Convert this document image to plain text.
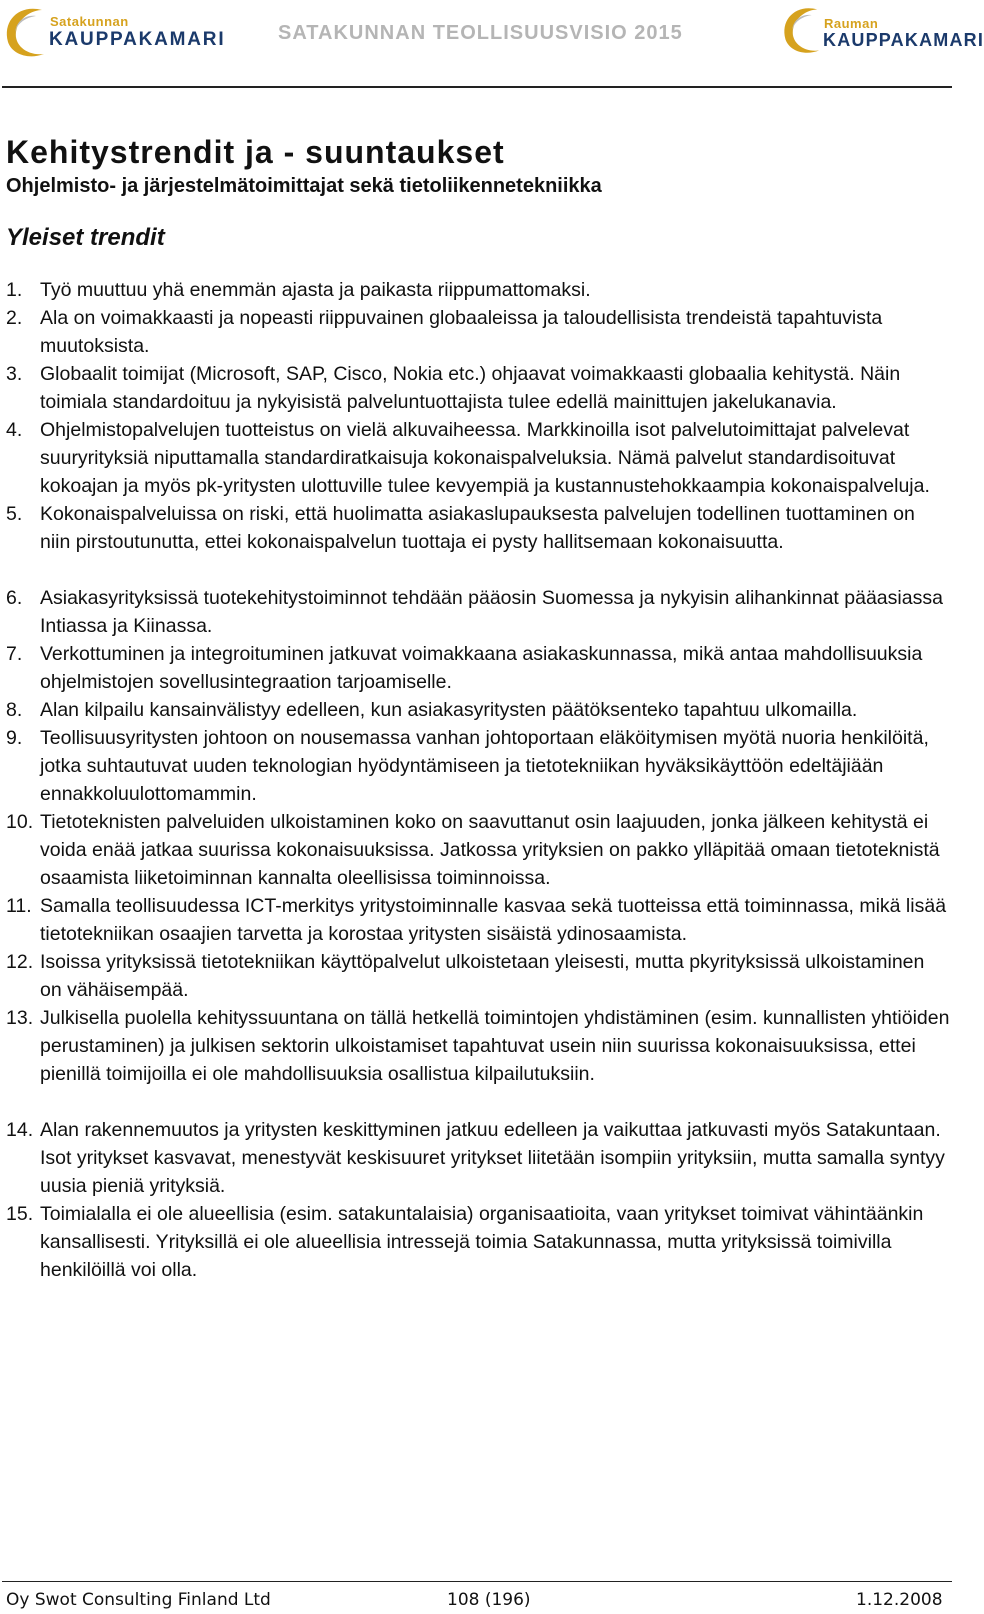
Satakunnan
KAUPPAKAMARI	SATAKUNNAN TEOLLISUUSVISIO 2015	Rauman
KAUPPAKAMARI
Kehitystrendit ja - suuntaukset
Ohjelmisto- ja järjestelmätoimittajat sekä tietoliikennetekniikka
Yleiset trendit
1. Työ muuttuu yhä enemmän ajasta ja paikasta riippumattomaksi.
2. Ala on voimakkaasti ja nopeasti riippuvainen globaaleissa ja taloudellisista trendeistä tapahtuvista muutoksista.
3. Globaalit toimijat (Microsoft, SAP, Cisco, Nokia etc.) ohjaavat voimakkaasti globaalia kehitystä. Näin toimiala standardoituu ja nykyisistä palveluntuottajista tulee edellä mainittujen jakelukanavia.
4. Ohjelmistopalvelujen tuotteistus on vielä alkuvaiheessa. Markkinoilla isot palvelutoimittajat palvelevat suuryrityksiä niputtamalla standardiratkaisuja kokonaispalveluksia. Nämä palvelut standardisoituvat kokoajan ja myös pk-yritysten ulottuville tulee kevyempiä ja kustannustehokkaampia kokonaispalveluja.
5. Kokonaispalveluissa on riski, että huolimatta asiakaslupauksesta palvelujen todellinen tuottaminen on niin pirstoutunutta, ettei kokonaispalvelun tuottaja ei pysty hallitsemaan kokonaisuutta.
6. Asiakasyrityksissä tuotekehitystoiminnot tehdään pääosin Suomessa ja nykyisin alihankinnat pääasiassa Intiassa ja Kiinassa.
7. Verkottuminen ja integroituminen jatkuvat voimakkaana asiakaskunnassa, mikä antaa mahdollisuuksia ohjelmistojen sovellusintegraation tarjoamiselle.
8. Alan kilpailu kansainvälistyy edelleen, kun asiakasyritysten päätöksenteko tapahtuu ulkomailla.
9. Teollisuusyritysten johtoon on nousemassa vanhan johtoportaan eläköitymisen myötä nuoria henkilöitä, jotka suhtautuvat uuden teknologian hyödyntämiseen ja tietotekniikan hyväksikäyttöön edeltäjiään ennakkoluulottomammin.
10. Tietoteknisten palveluiden ulkoistaminen koko on saavuttanut osin laajuuden, jonka jälkeen kehitystä ei voida enää jatkaa suurissa kokonaisuuksissa. Jatkossa yrityksien on pakko ylläpitää omaan tietoteknistä osaamista liiketoiminnan kannalta oleellisissa toiminnoissa.
11. Samalla teollisuudessa ICT-merkitys yritystoiminnalle kasvaa sekä tuotteissa että toiminnassa, mikä lisää tietotekniikan osaajien tarvetta ja korostaa yritysten sisäistä ydinosaamista.
12. Isoissa yrityksissä tietotekniikan käyttöpalvelut ulkoistetaan yleisesti, mutta pkyrityksissä ulkoistaminen on vähäisempää.
13. Julkisella puolella kehityssuuntana on tällä hetkellä toimintojen yhdistäminen (esim. kunnallisten yhtiöiden perustaminen) ja julkisen sektorin ulkoistamiset tapahtuvat usein niin suurissa kokonaisuuksissa, ettei pienillä toimijoilla ei ole mahdollisuuksia osallistua kilpailutuksiin.
14. Alan rakennemuutos ja yritysten keskittyminen jatkuu edelleen ja vaikuttaa jatkuvasti myös Satakuntaan. Isot yritykset kasvavat, menestyvät keskisuuret yritykset liitetään isompiin yrityksiin, mutta samalla syntyy uusia pieniä yrityksiä.
15. Toimialalla ei ole alueellisia (esim. satakuntalaisia) organisaatioita, vaan yritykset toimivat vähintäänkin kansallisesti. Yrityksillä ei ole alueellisia intressejä toimia Satakunnassa, mutta yrityksissä toimivilla henkilöillä voi olla.
Oy Swot Consulting Finland Ltd	108 (196)	1.12.2008
